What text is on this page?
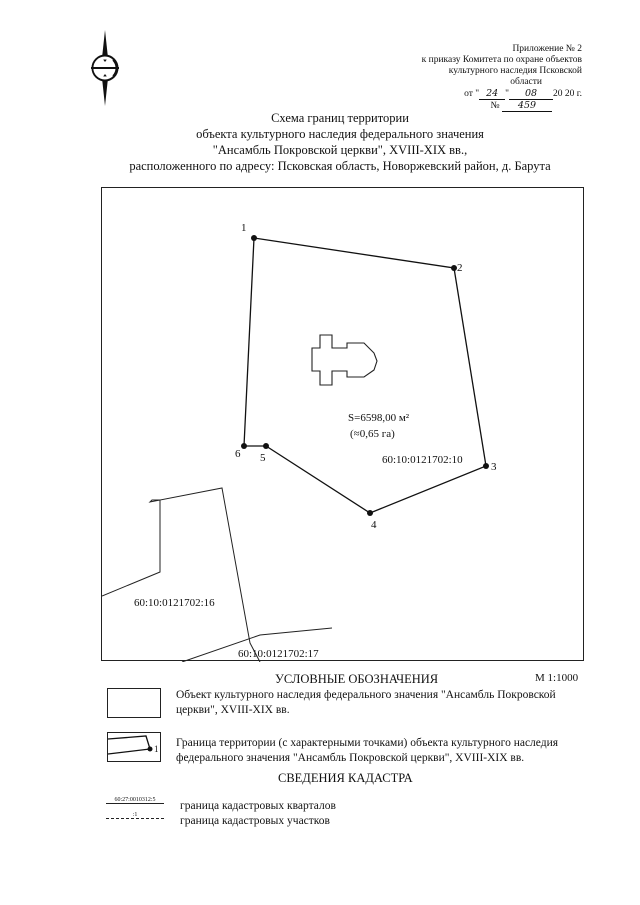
Приложение № 2
к приказу Комитета по охране объектов
культурного наследия Псковской
области
от " 24 " 08 20 20 г.
№ 459
Схема границ территории
объекта культурного наследия федерального значения
"Ансамбль Покровской церкви", XVIII-XIX вв.,
расположенного по адресу: Псковская область, Новоржевский район, д. Барута
1
2
3
4
5
6
S=6598,00 м²
(≈0,65 га)
60:10:0121702:10
60:10:0121702:16
60:10:0121702:17
УСЛОВНЫЕ ОБОЗНАЧЕНИЯ	М 1:1000
Объект культурного наследия федерального значения "Ансамбль Покровской
церкви", XVIII-XIX вв.
1 Граница территории (с характерными точками) объекта культурного наследия
федерального значения "Ансамбль Покровской церкви", XVIII-XIX вв.
СВЕДЕНИЯ КАДАСТРА
60:27:0010312:5	граница кадастровых кварталов
:1	граница кадастровых участков
